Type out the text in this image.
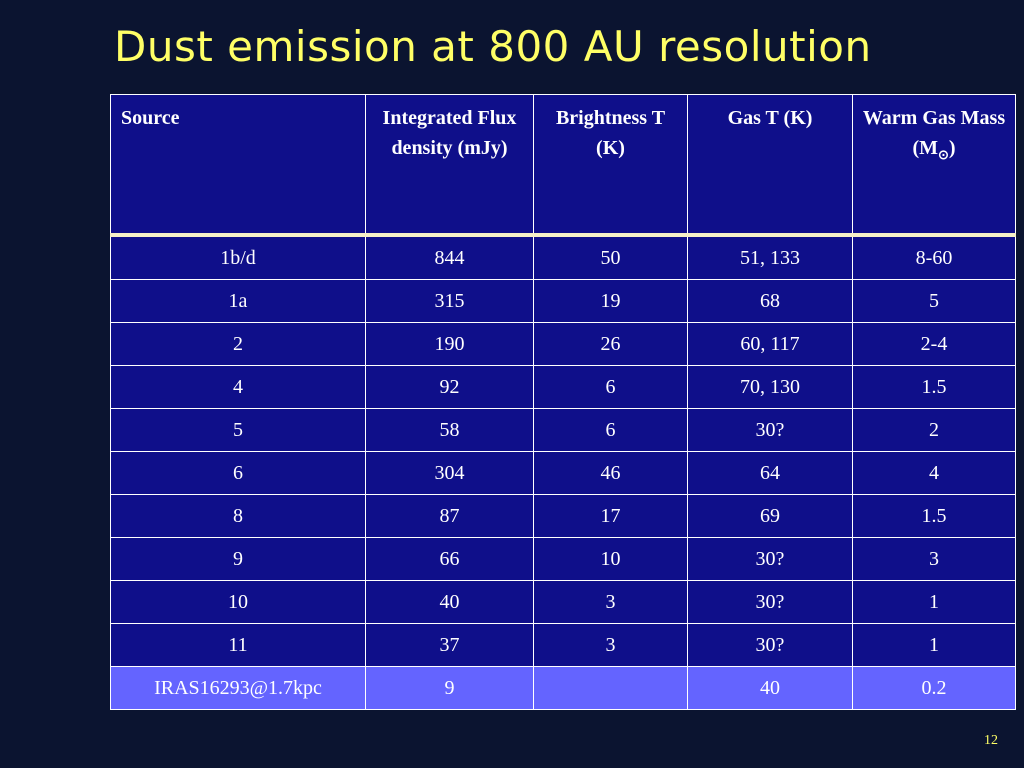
Dust emission at 800 AU resolution
Source	Integrated Flux density (mJy)	Brightness T (K)	Gas T (K)	Warm Gas Mass $(M_⊙)$
1b/d	844	50	51, 133	8-60
1a	315	19	68	5
2	190	26	60, 117	2-4
4	92	6	70, 130	1.5
5	58	6	30?	2
6	304	46	64	4
8	87	17	69	1.5
9	66	10	30?	3
10	40	3	30?	1
11	37	3	30?	1
IRAS16293@1.7kpc	9		40	0.2
12
